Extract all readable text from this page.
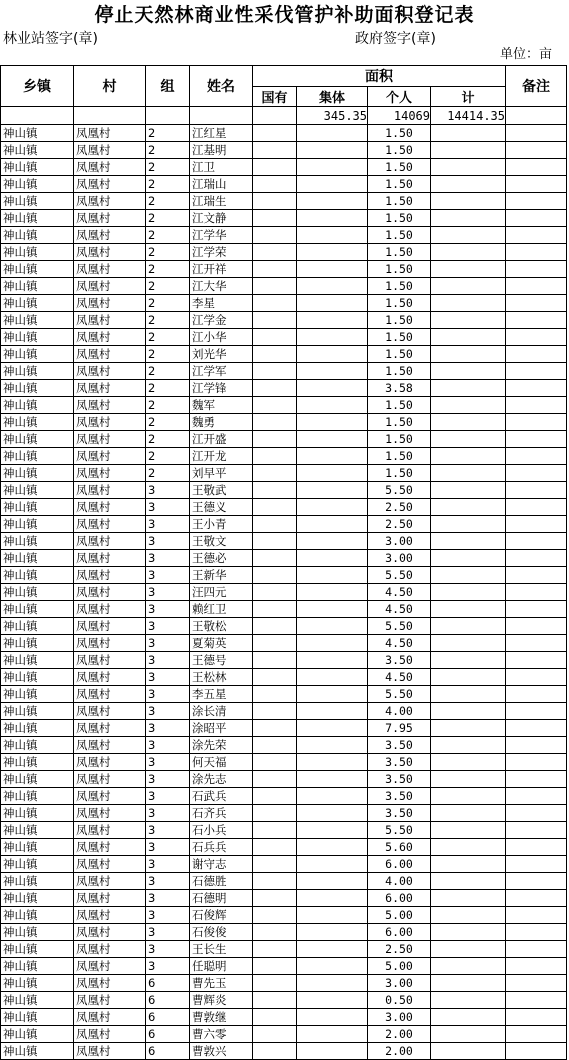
停止天然林商业性采伐管护补助面积登记表
林业站签字(章)	政府签字(章)
单位：亩
乡镇	村	组	姓名	面积				备注
				国有	集体	个人	计	
					345.35	14069	14414.35	
神山镇	凤凰村	2	江红星			1.50		
神山镇	凤凰村	2	江基明			1.50		
神山镇	凤凰村	2	江卫			1.50		
神山镇	凤凰村	2	江瑞山			1.50		
神山镇	凤凰村	2	江瑞生			1.50		
神山镇	凤凰村	2	江文静			1.50		
神山镇	凤凰村	2	江学华			1.50		
神山镇	凤凰村	2	江学荣			1.50		
神山镇	凤凰村	2	江开祥			1.50		
神山镇	凤凰村	2	江大华			1.50		
神山镇	凤凰村	2	李星			1.50		
神山镇	凤凰村	2	江学金			1.50		
神山镇	凤凰村	2	江小华			1.50		
神山镇	凤凰村	2	刘光华			1.50		
神山镇	凤凰村	2	江学军			1.50		
神山镇	凤凰村	2	江学锋			3.58		
神山镇	凤凰村	2	魏军			1.50		
神山镇	凤凰村	2	魏勇			1.50		
神山镇	凤凰村	2	江开盛			1.50		
神山镇	凤凰村	2	江开龙			1.50		
神山镇	凤凰村	2	刘早平			1.50		
神山镇	凤凰村	3	王敬武			5.50		
神山镇	凤凰村	3	王德义			2.50		
神山镇	凤凰村	3	王小青			2.50		
神山镇	凤凰村	3	王敬文			3.00		
神山镇	凤凰村	3	王德必			3.00		
神山镇	凤凰村	3	王新华			5.50		
神山镇	凤凰村	3	汪四元			4.50		
神山镇	凤凰村	3	赖红卫			4.50		
神山镇	凤凰村	3	王敬松			5.50		
神山镇	凤凰村	3	夏菊英			4.50		
神山镇	凤凰村	3	王德号			3.50		
神山镇	凤凰村	3	王松林			4.50		
神山镇	凤凰村	3	李五星			5.50		
神山镇	凤凰村	3	涂长清			4.00		
神山镇	凤凰村	3	涂昭平			7.95		
神山镇	凤凰村	3	涂先荣			3.50		
神山镇	凤凰村	3	何天福			3.50		
神山镇	凤凰村	3	涂先志			3.50		
神山镇	凤凰村	3	石武兵			3.50		
神山镇	凤凰村	3	石齐兵			3.50		
神山镇	凤凰村	3	石小兵			5.50		
神山镇	凤凰村	3	石兵兵			5.60		
神山镇	凤凰村	3	谢守志			6.00		
神山镇	凤凰村	3	石德胜			4.00		
神山镇	凤凰村	3	石德明			6.00		
神山镇	凤凰村	3	石俊辉			5.00		
神山镇	凤凰村	3	石俊俊			6.00		
神山镇	凤凰村	3	王长生			2.50		
神山镇	凤凰村	3	任聪明			5.00		
神山镇	凤凰村	6	曹先玉			3.00		
神山镇	凤凰村	6	曹辉炎			0.50		
神山镇	凤凰村	6	曹敦继			3.00		
神山镇	凤凰村	6	曹六零			2.00		
神山镇	凤凰村	6	曹敦兴			2.00		
